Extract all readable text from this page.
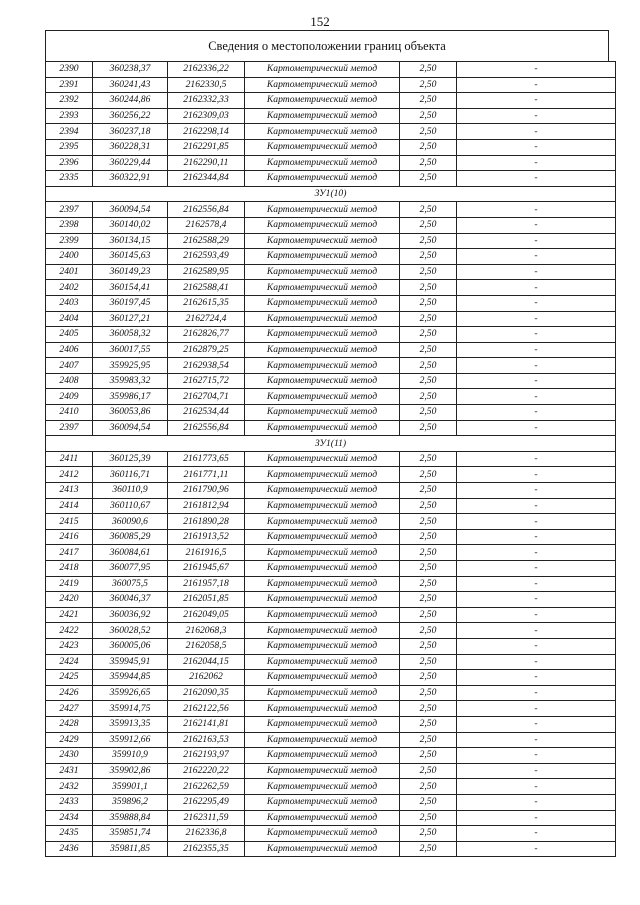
152
Сведения о местоположении границ объекта
2390	360238,37	2162336,22	Картометрический метод	2,50	-
2391	360241,43	2162330,5	Картометрический метод	2,50	-
2392	360244,86	2162332,33	Картометрический метод	2,50	-
2393	360256,22	2162309,03	Картометрический метод	2,50	-
2394	360237,18	2162298,14	Картометрический метод	2,50	-
2395	360228,31	2162291,85	Картометрический метод	2,50	-
2396	360229,44	2162290,11	Картометрический метод	2,50	-
2335	360322,91	2162344,84	Картометрический метод	2,50	-
ЗУ1(10)					
2397	360094,54	2162556,84	Картометрический метод	2,50	-
2398	360140,02	2162578,4	Картометрический метод	2,50	-
2399	360134,15	2162588,29	Картометрический метод	2,50	-
2400	360145,63	2162593,49	Картометрический метод	2,50	-
2401	360149,23	2162589,95	Картометрический метод	2,50	-
2402	360154,41	2162588,41	Картометрический метод	2,50	-
2403	360197,45	2162615,35	Картометрический метод	2,50	-
2404	360127,21	2162724,4	Картометрический метод	2,50	-
2405	360058,32	2162826,77	Картометрический метод	2,50	-
2406	360017,55	2162879,25	Картометрический метод	2,50	-
2407	359925,95	2162938,54	Картометрический метод	2,50	-
2408	359983,32	2162715,72	Картометрический метод	2,50	-
2409	359986,17	2162704,71	Картометрический метод	2,50	-
2410	360053,86	2162534,44	Картометрический метод	2,50	-
2397	360094,54	2162556,84	Картометрический метод	2,50	-
ЗУ1(11)					
2411	360125,39	2161773,65	Картометрический метод	2,50	-
2412	360116,71	2161771,11	Картометрический метод	2,50	-
2413	360110,9	2161790,96	Картометрический метод	2,50	-
2414	360110,67	2161812,94	Картометрический метод	2,50	-
2415	360090,6	2161890,28	Картометрический метод	2,50	-
2416	360085,29	2161913,52	Картометрический метод	2,50	-
2417	360084,61	2161916,5	Картометрический метод	2,50	-
2418	360077,95	2161945,67	Картометрический метод	2,50	-
2419	360075,5	2161957,18	Картометрический метод	2,50	-
2420	360046,37	2162051,85	Картометрический метод	2,50	-
2421	360036,92	2162049,05	Картометрический метод	2,50	-
2422	360028,52	2162068,3	Картометрический метод	2,50	-
2423	360005,06	2162058,5	Картометрический метод	2,50	-
2424	359945,91	2162044,15	Картометрический метод	2,50	-
2425	359944,85	2162062	Картометрический метод	2,50	-
2426	359926,65	2162090,35	Картометрический метод	2,50	-
2427	359914,75	2162122,56	Картометрический метод	2,50	-
2428	359913,35	2162141,81	Картометрический метод	2,50	-
2429	359912,66	2162163,53	Картометрический метод	2,50	-
2430	359910,9	2162193,97	Картометрический метод	2,50	-
2431	359902,86	2162220,22	Картометрический метод	2,50	-
2432	359901,1	2162262,59	Картометрический метод	2,50	-
2433	359896,2	2162295,49	Картометрический метод	2,50	-
2434	359888,84	2162311,59	Картометрический метод	2,50	-
2435	359851,74	2162336,8	Картометрический метод	2,50	-
2436	359811,85	2162355,35	Картометрический метод	2,50	-
